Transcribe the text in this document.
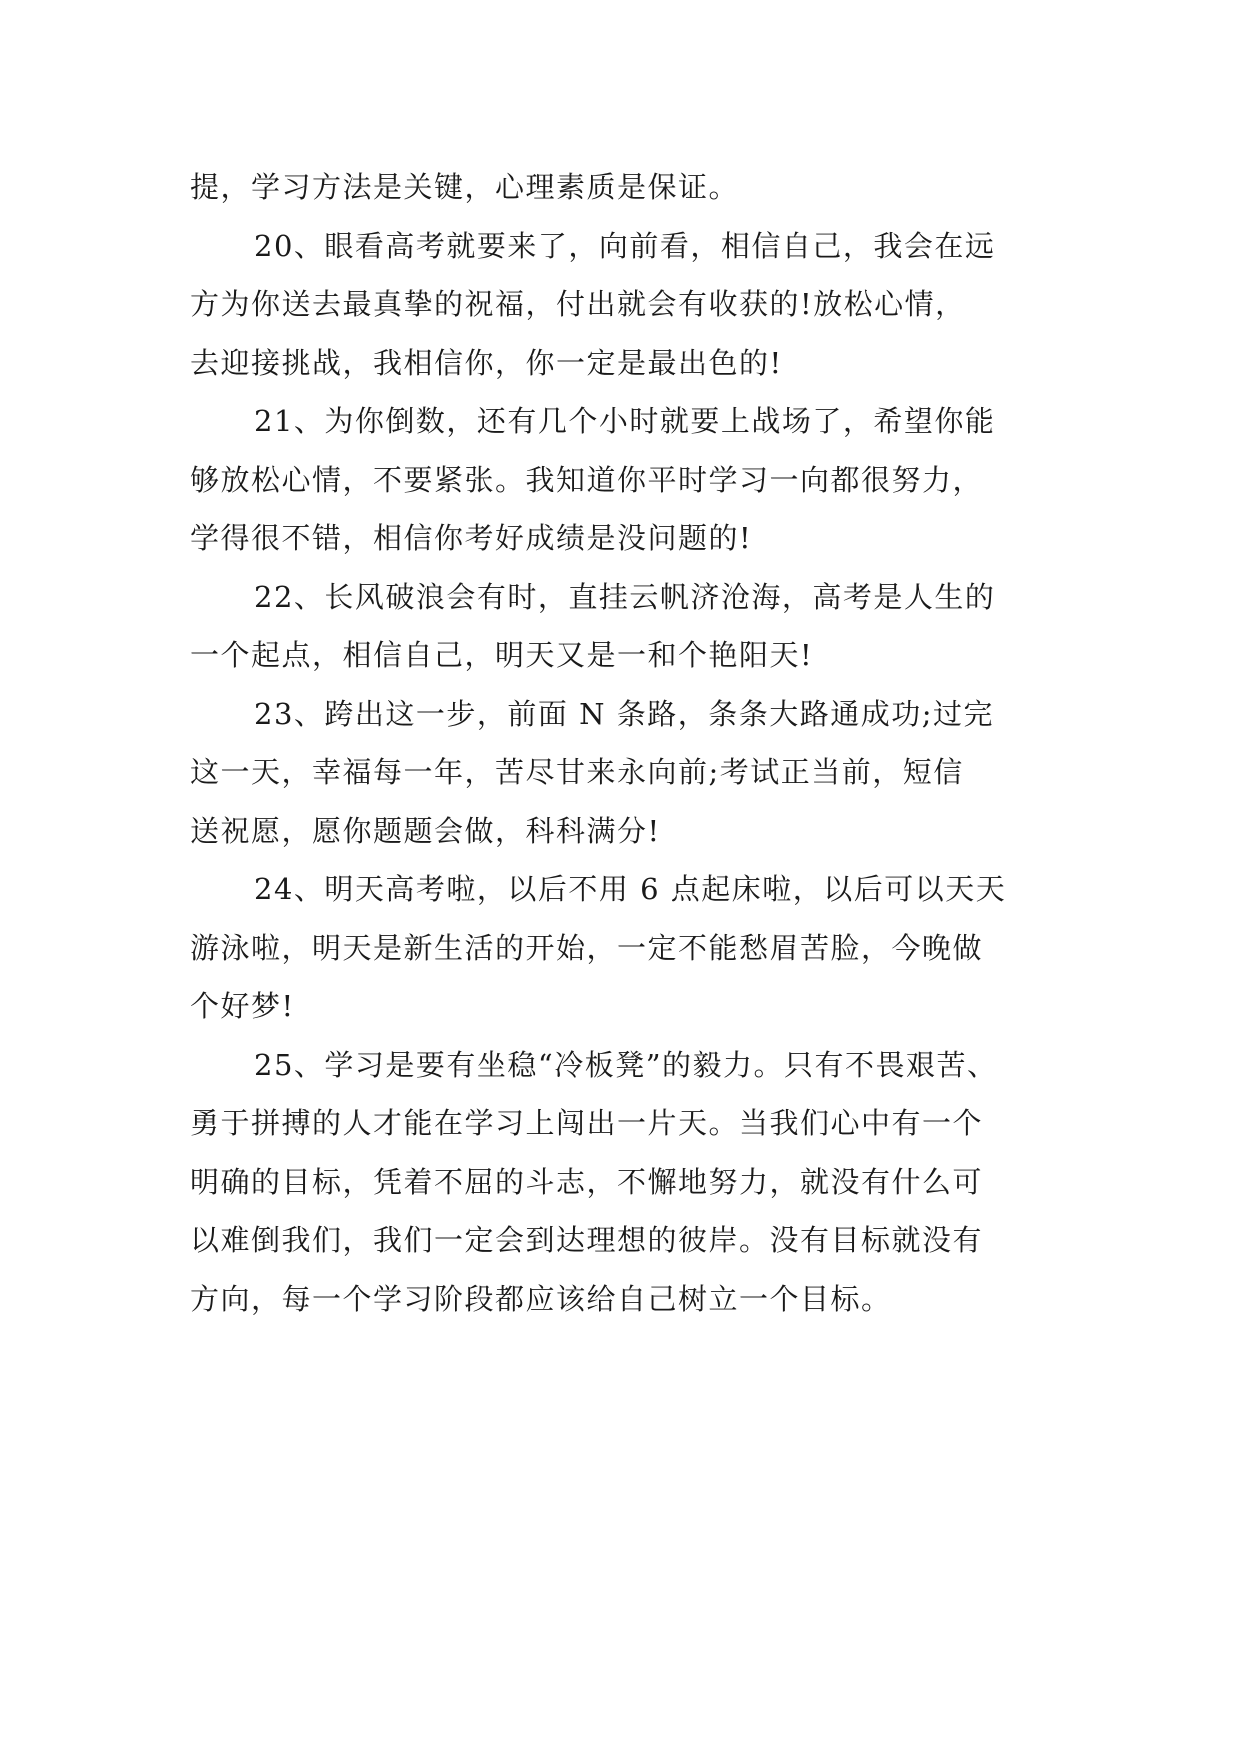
提，学习方法是关键，心理素质是保证。
20、眼看高考就要来了，向前看，相信自己，我会在远
方为你送去最真挚的祝福，付出就会有收获的!放松心情，
去迎接挑战，我相信你，你一定是最出色的!
21、为你倒数，还有几个小时就要上战场了，希望你能
够放松心情，不要紧张。我知道你平时学习一向都很努力，
学得很不错，相信你考好成绩是没问题的!
22、长风破浪会有时，直挂云帆济沧海，高考是人生的
一个起点，相信自己，明天又是一和个艳阳天!
23、跨出这一步，前面 N 条路，条条大路通成功;过完
这一天，幸福每一年，苦尽甘来永向前;考试正当前，短信
送祝愿，愿你题题会做，科科满分!
24、明天高考啦，以后不用 6 点起床啦，以后可以天天
游泳啦，明天是新生活的开始，一定不能愁眉苦脸，今晚做
个好梦!
25、学习是要有坐稳“冷板凳”的毅力。只有不畏艰苦、
勇于拼搏的人才能在学习上闯出一片天。当我们心中有一个
明确的目标，凭着不屈的斗志，不懈地努力，就没有什么可
以难倒我们，我们一定会到达理想的彼岸。没有目标就没有
方向，每一个学习阶段都应该给自己树立一个目标。
